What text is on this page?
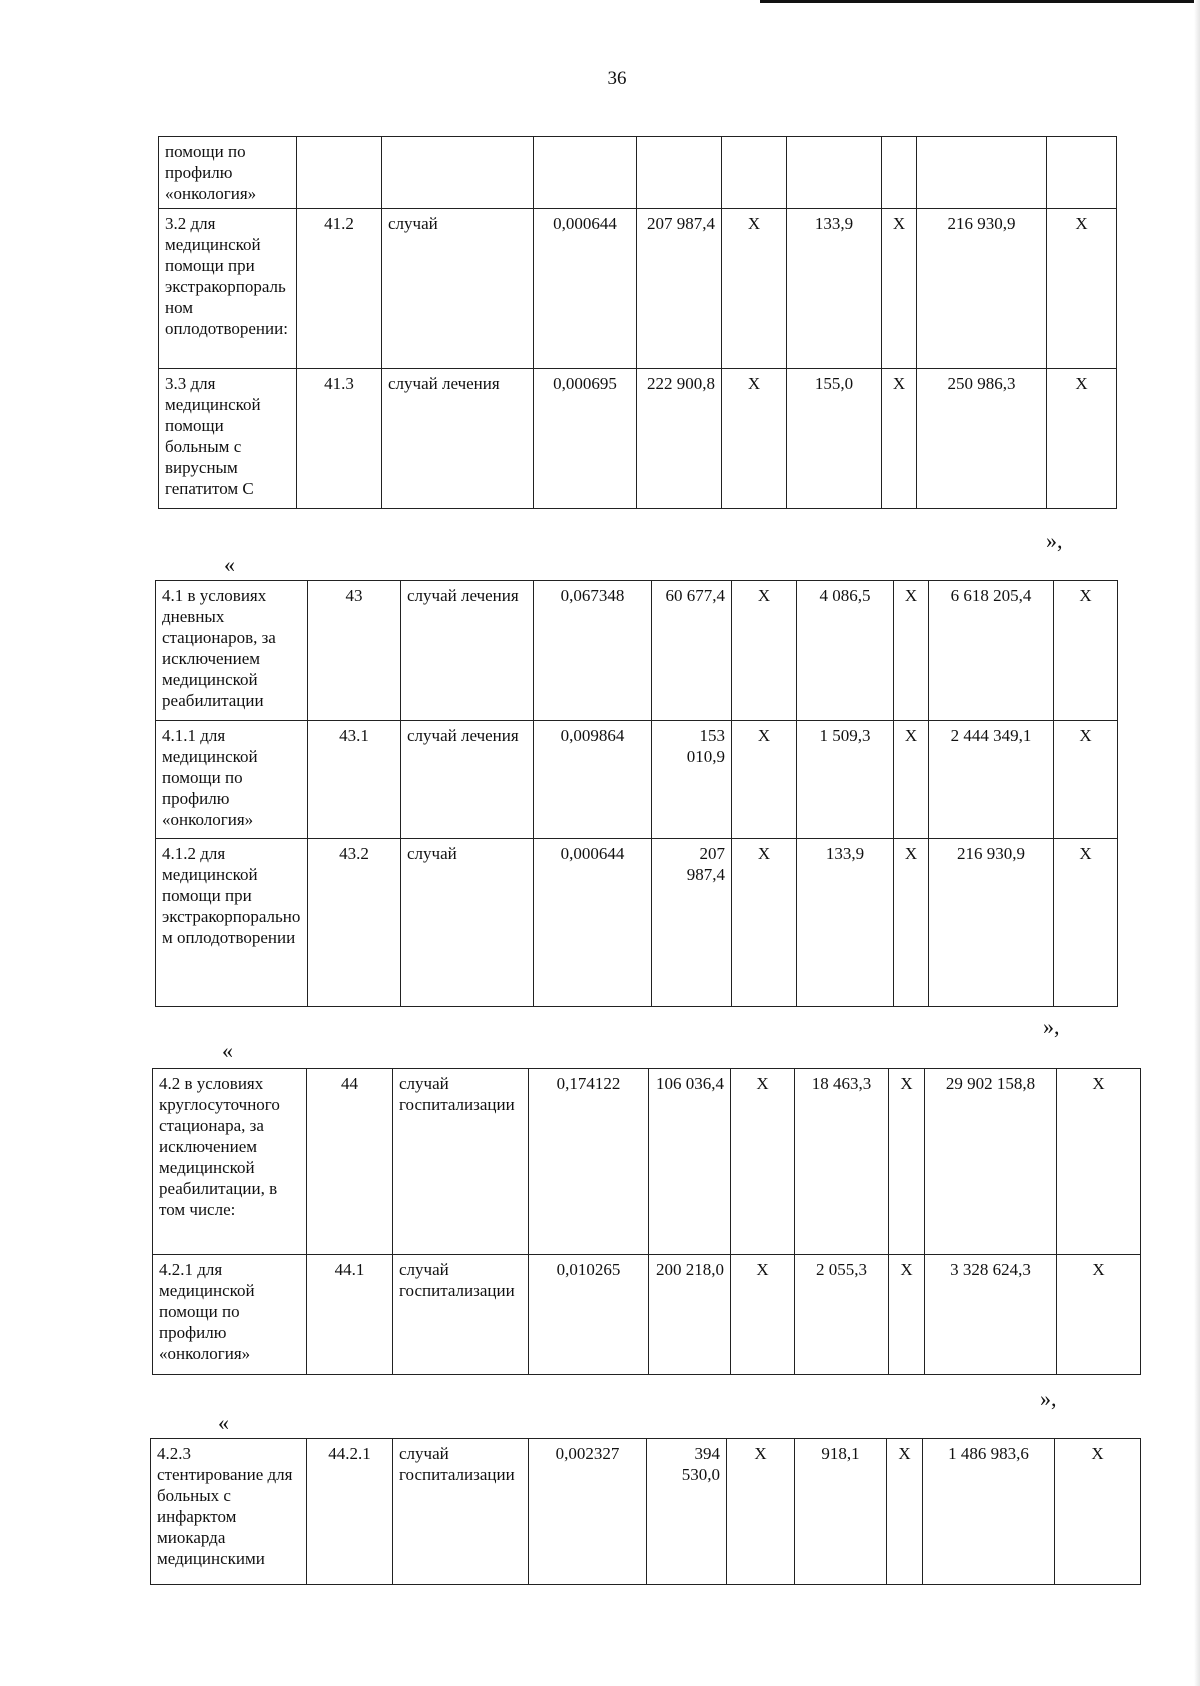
36
помощи по профилю «онкология»									
3.2 для медицинской помощи при экстракорпоральном оплодотворении:	41.2	случай	0,000644	207 987,4	X	133,9	X	216 930,9	X
3.3 для медицинской помощи больным с вирусным гепатитом С	41.3	случай лечения	0,000695	222 900,8	X	155,0	X	250 986,3	X
»,
«
4.1 в условиях дневных стационаров, за исключением медицинской реабилитации	43	случай лечения	0,067348	60 677,4	X	4 086,5	X	6 618 205,4	X
4.1.1 для медицинской помощи по профилю «онкология»	43.1	случай лечения	0,009864	153 010,9	X	1 509,3	X	2 444 349,1	X
4.1.2 для медицинской помощи при экстракорпоральном оплодотворении	43.2	случай	0,000644	207 987,4	X	133,9	X	216 930,9	X
»,
«
4.2 в условиях круглосуточного стационара, за исключением медицинской реабилитации, в том числе:	44	случай госпитализации	0,174122	106 036,4	X	18 463,3	X	29 902 158,8	X
4.2.1 для медицинской помощи по профилю «онкология»	44.1	случай госпитализации	0,010265	200 218,0	X	2 055,3	X	3 328 624,3	X
»,
«
4.2.3 стентирование для больных с инфарктом миокарда медицинскими	44.2.1	случай госпитализации	0,002327	394 530,0	X	918,1	X	1 486 983,6	X
